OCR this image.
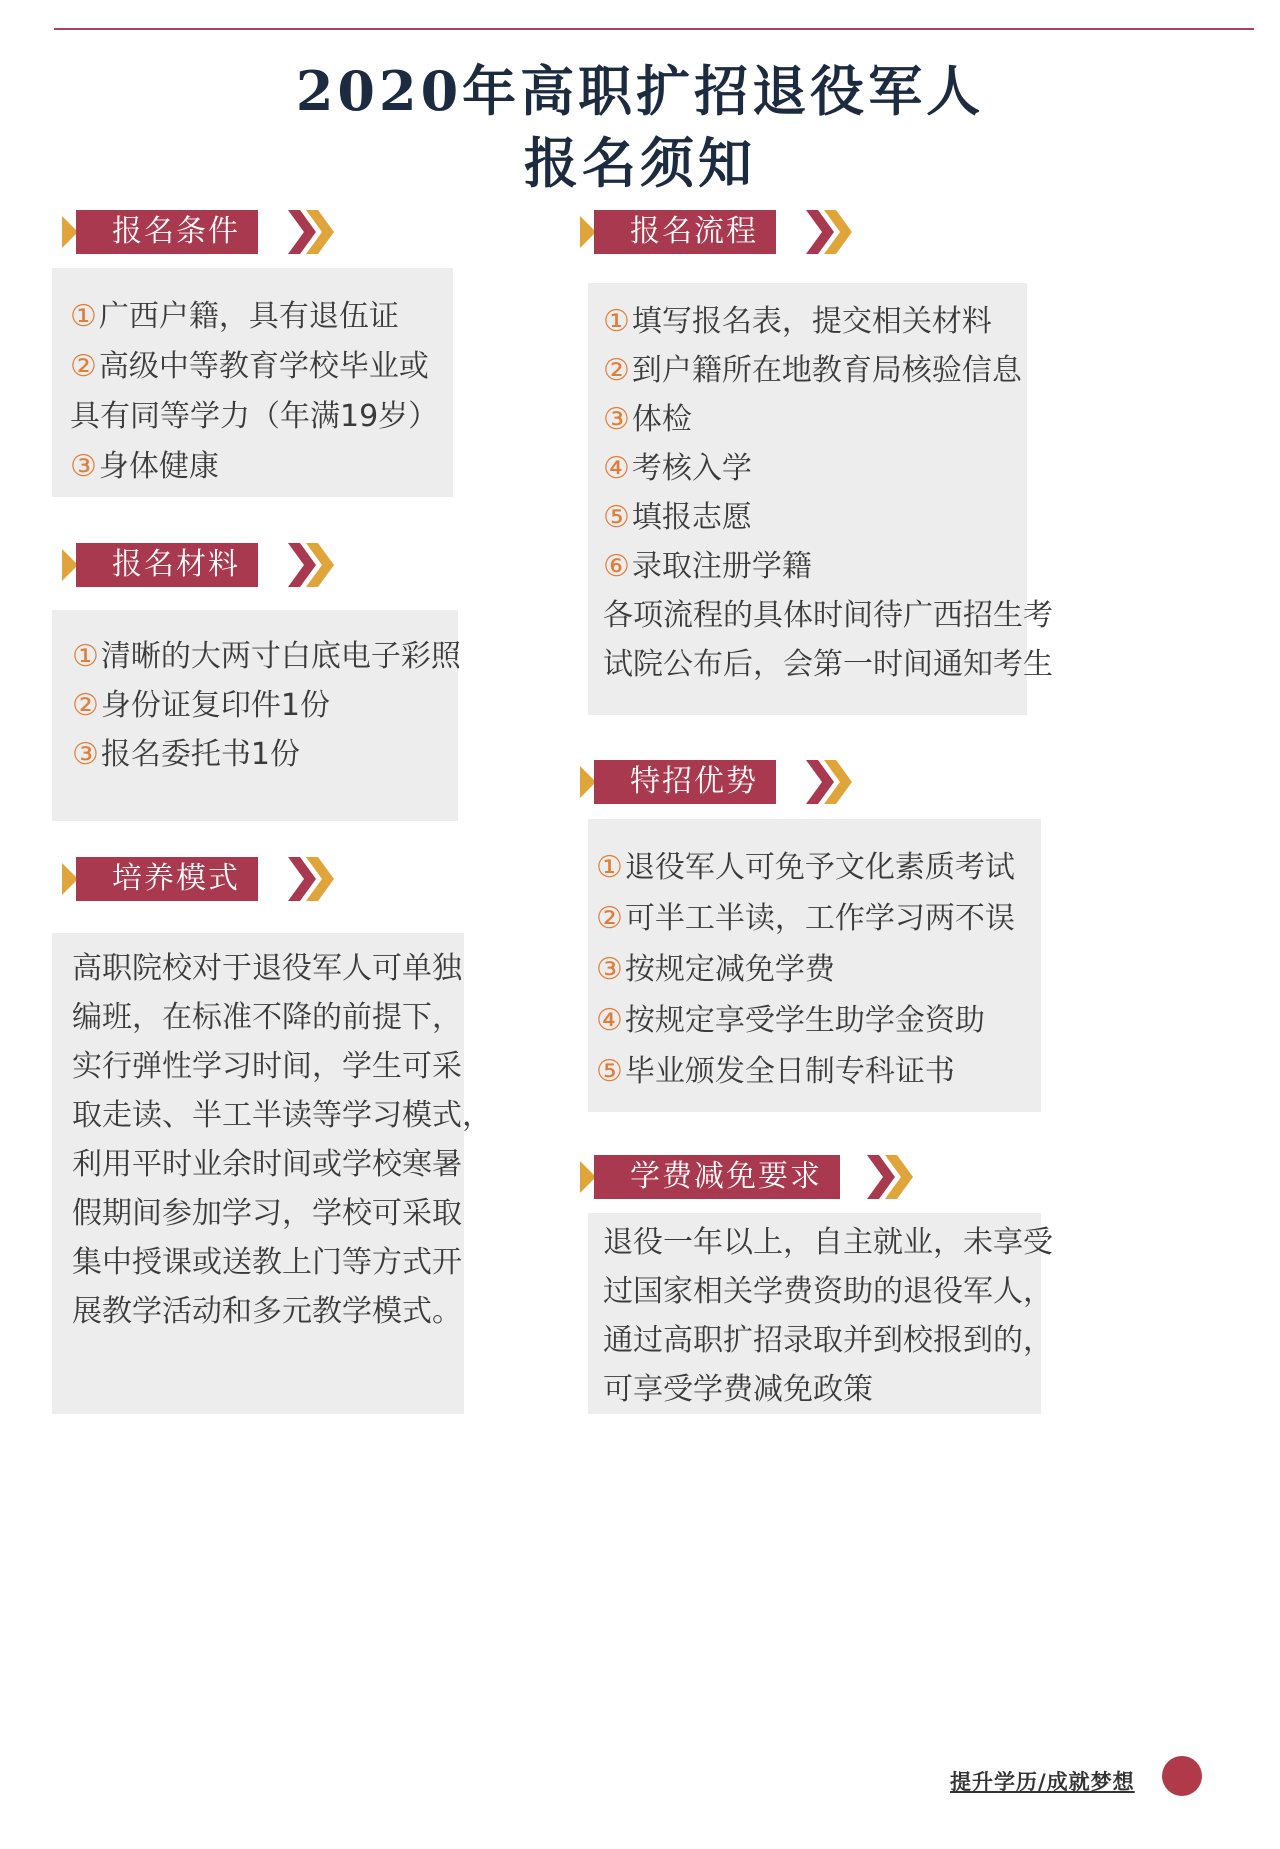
2020年高职扩招退役军人
报名须知
报名条件

①广西户籍，具有退伍证

②高级中等教育学校毕业或

具有同等学力（年满19岁）

③身体健康

报名材料

①清晰的大两寸白底电子彩照

②身份证复印件1份

③报名委托书1份

培养模式

高职院校对于退役军人可单独

编班，在标准不降的前提下，

实行弹性学习时间，学生可采

取走读、半工半读等学习模式，

利用平时业余时间或学校寒暑

假期间参加学习，学校可采取

集中授课或送教上门等方式开

展教学活动和多元教学模式。

报名流程

①填写报名表，提交相关材料

②到户籍所在地教育局核验信息

③体检

④考核入学

⑤填报志愿

⑥录取注册学籍

各项流程的具体时间待广西招生考

试院公布后，会第一时间通知考生

特招优势

①退役军人可免予文化素质考试

②可半工半读，工作学习两不误

③按规定减免学费

④按规定享受学生助学金资助

⑤毕业颁发全日制专科证书

学费减免要求

退役一年以上，自主就业，未享受

过国家相关学费资助的退役军人，

通过高职扩招录取并到校报到的，

可享受学费减免政策

提升学历/成就梦想
